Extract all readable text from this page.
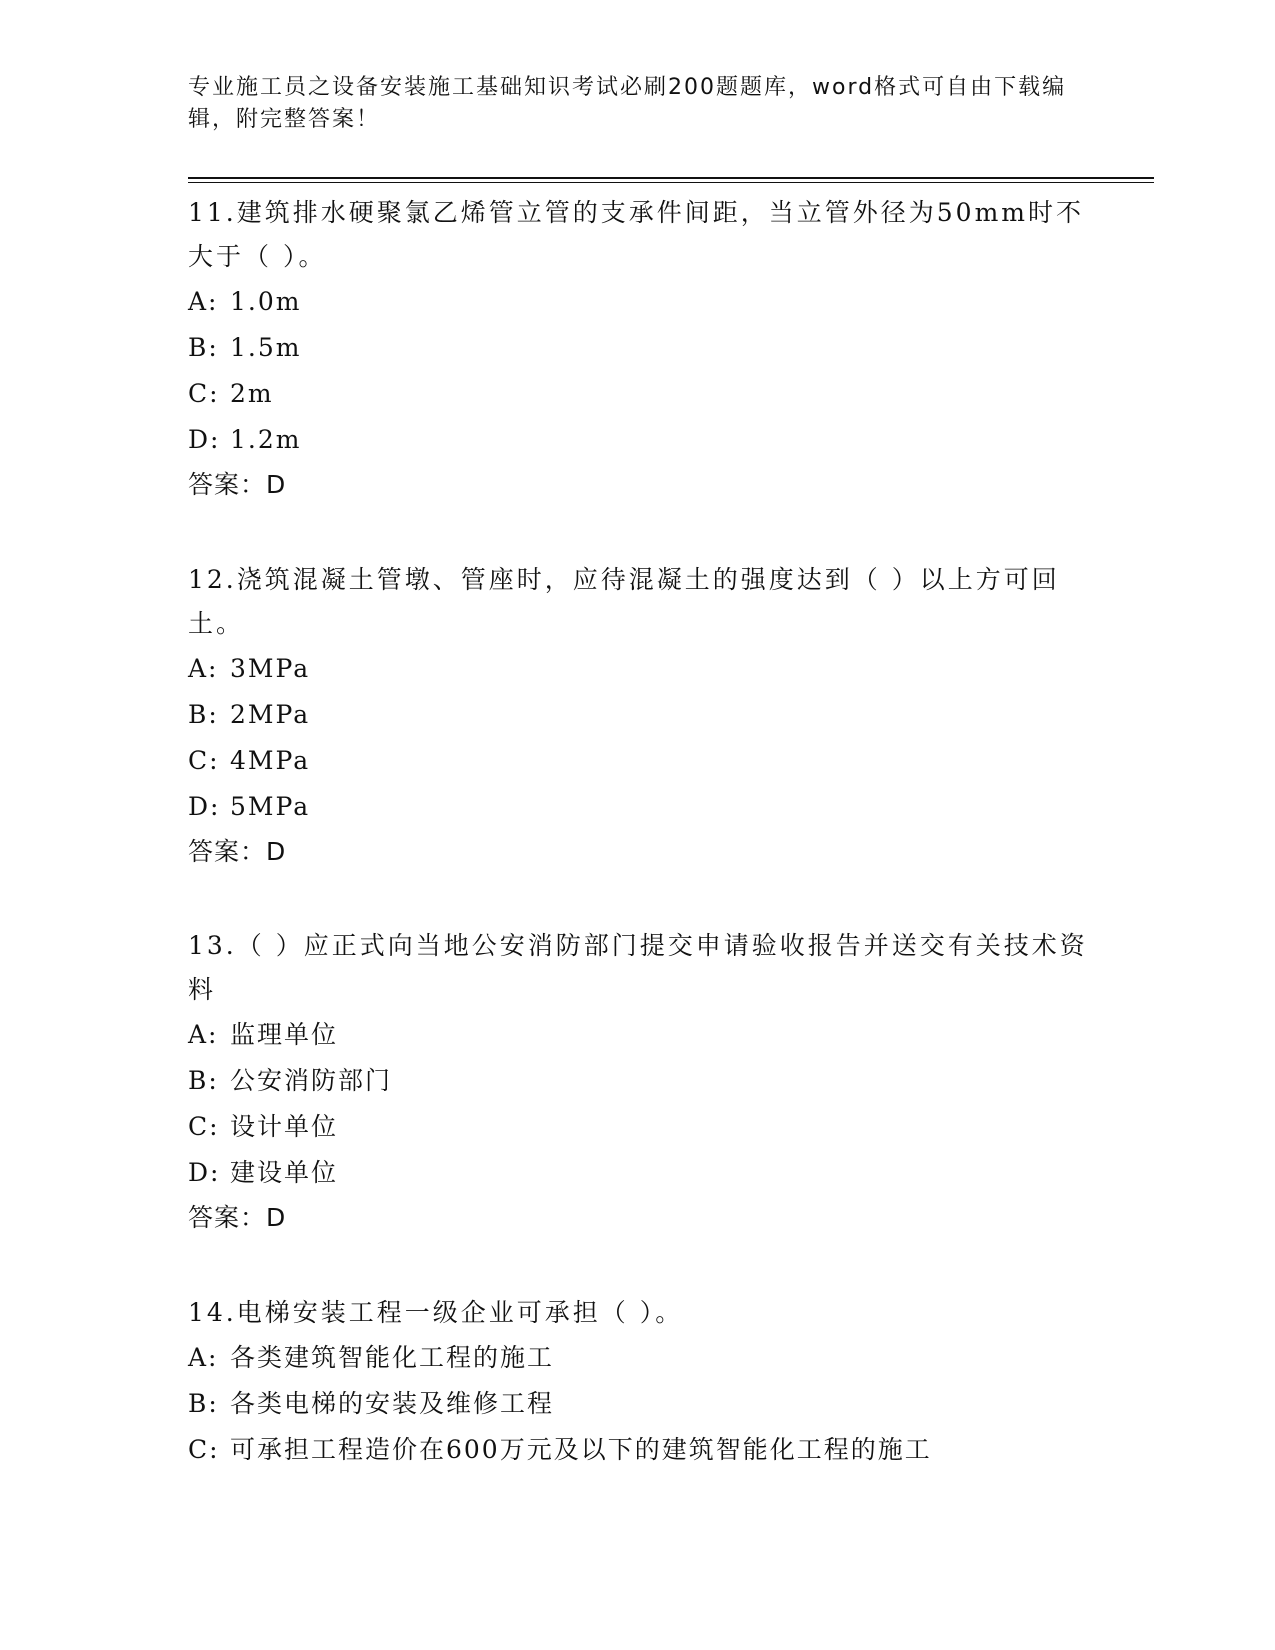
专业施工员之设备安装施工基础知识考试必刷200题题库，word格式可自由下载编辑，附完整答案！

11.建筑排水硬聚氯乙烯管立管的支承件间距，当立管外径为50mm时不大于（ ）。

A: 1.0m
B: 1.5m
C: 2m
D: 1.2m
答案：D

12.浇筑混凝土管墩、管座时，应待混凝土的强度达到（ ）以上方可回土。

A: 3MPa
B: 2MPa
C: 4MPa
D: 5MPa
答案：D

13.（ ）应正式向当地公安消防部门提交申请验收报告并送交有关技术资料

A: 监理单位
B: 公安消防部门
C: 设计单位
D: 建设单位
答案：D

14.电梯安装工程一级企业可承担（ ）。

A: 各类建筑智能化工程的施工
B: 各类电梯的安装及维修工程
C: 可承担工程造价在600万元及以下的建筑智能化工程的施工
